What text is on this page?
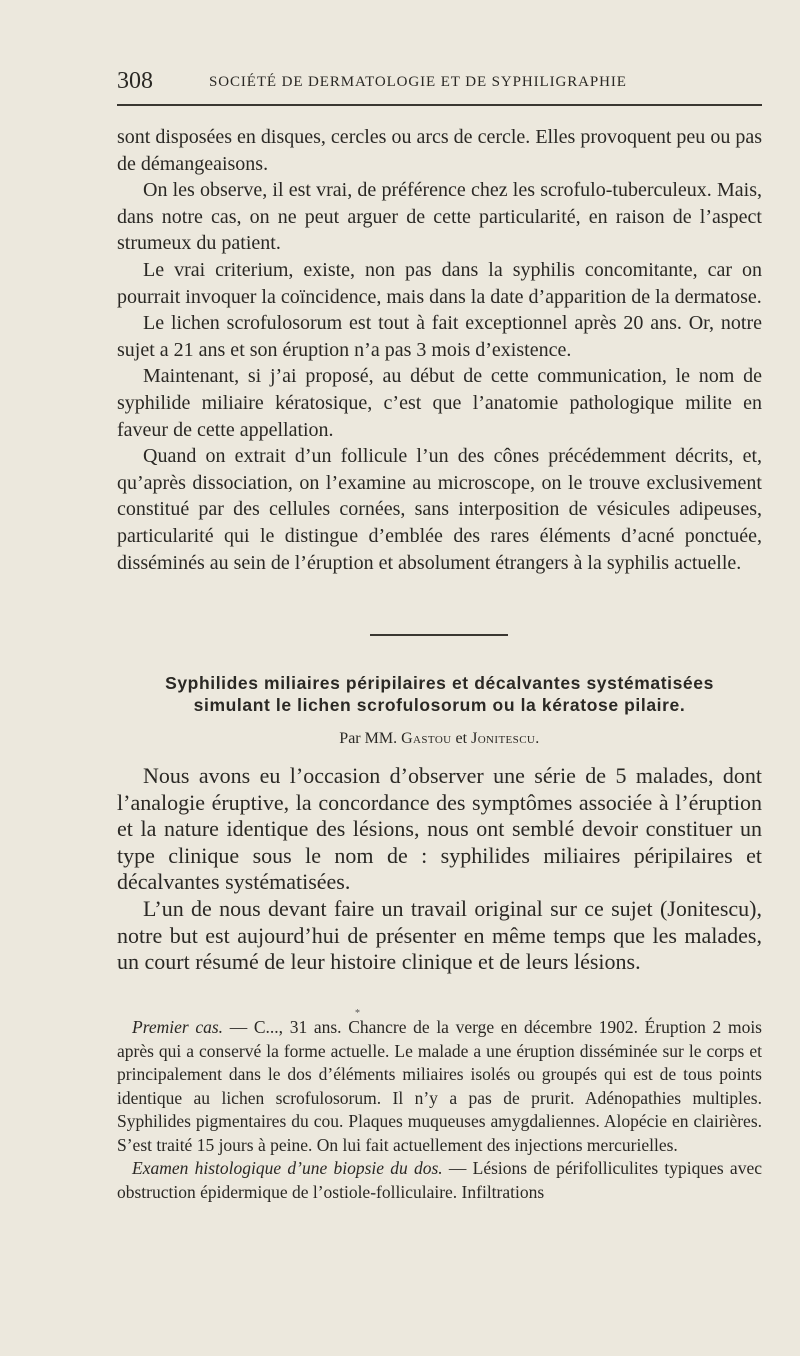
308	SOCIÉTÉ DE DERMATOLOGIE ET DE SYPHILIGRAPHIE

sont disposées en disques, cercles ou arcs de cercle. Elles provoquent peu ou pas de démangeaisons.

On les observe, il est vrai, de préférence chez les scrofulo-tuberculeux. Mais, dans notre cas, on ne peut arguer de cette particularité, en raison de l’aspect strumeux du patient.

Le vrai criterium, existe, non pas dans la syphilis concomitante, car on pourrait invoquer la coïncidence, mais dans la date d’apparition de la dermatose.

Le lichen scrofulosorum est tout à fait exceptionnel après 20 ans. Or, notre sujet a 21 ans et son éruption n’a pas 3 mois d’existence.

Maintenant, si j’ai proposé, au début de cette communication, le nom de syphilide miliaire kératosique, c’est que l’anatomie pathologique milite en faveur de cette appellation.

Quand on extrait d’un follicule l’un des cônes précédemment décrits, et, qu’après dissociation, on l’examine au microscope, on le trouve exclusivement constitué par des cellules cornées, sans interposition de vésicules adipeuses, particularité qui le distingue d’emblée des rares éléments d’acné ponctuée, disséminés au sein de l’éruption et absolument étrangers à la syphilis actuelle.

Syphilides miliaires péripilaires et décalvantes systématisées
simulant le lichen scrofulosorum ou la kératose pilaire.
Par MM. Gastou et Jonitescu.

Nous avons eu l’occasion d’observer une série de 5 malades, dont l’analogie éruptive, la concordance des symptômes associée à l’éruption et la nature identique des lésions, nous ont semblé devoir constituer un type clinique sous le nom de : syphilides miliaires péripilaires et décalvantes systématisées.

L’un de nous devant faire un travail original sur ce sujet (Jonitescu), notre but est aujourd’hui de présenter en même temps que les malades, un court résumé de leur histoire clinique et de leurs lésions.

*

Premier cas. — C..., 31 ans. Chancre de la verge en décembre 1902. Éruption 2 mois après qui a conservé la forme actuelle. Le malade a une éruption disséminée sur le corps et principalement dans le dos d’éléments miliaires isolés ou groupés qui est de tous points identique au lichen scrofulosorum. Il n’y a pas de prurit. Adénopathies multiples. Syphilides pigmentaires du cou. Plaques muqueuses amygdaliennes. Alopécie en clairières. S’est traité 15 jours à peine. On lui fait actuellement des injections mercurielles.

Examen histologique d’une biopsie du dos. — Lésions de périfolliculites typiques avec obstruction épidermique de l’ostiole-folliculaire. Infiltrations
